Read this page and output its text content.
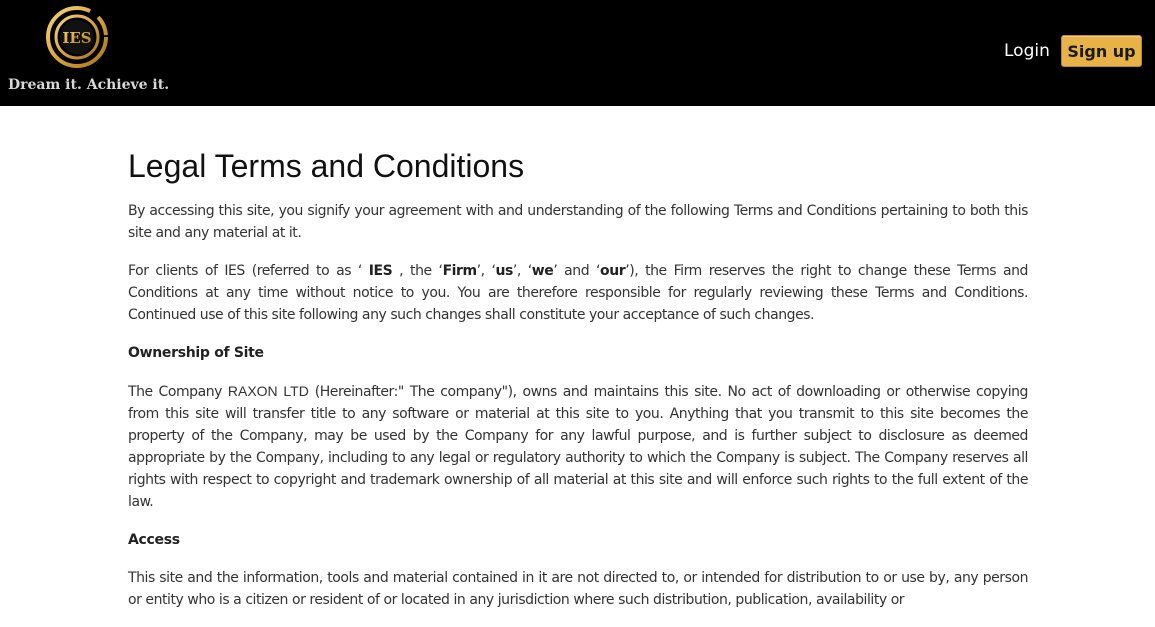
IES
Dream it. Achieve it.
Login	Sign up
Legal Terms and Conditions

By accessing this site, you signify your agreement with and understanding of the following Terms and Conditions pertaining to both this site and any material at it.

For clients of IES (referred to as ‘ IES , the ‘Firm’, ‘us’, ‘we’ and ‘our’), the Firm reserves the right to change these Terms and Conditions at any time without notice to you. You are therefore responsible for regularly reviewing these Terms and Conditions. Continued use of this site following any such changes shall constitute your acceptance of such changes.

Ownership of Site

The Company RAXON LTD (Hereinafter:" The company"), owns and maintains this site. No act of downloading or otherwise copying from this site will transfer title to any software or material at this site to you. Anything that you transmit to this site becomes the property of the Company, may be used by the Company for any lawful purpose, and is further subject to disclosure as deemed appropriate by the Company, including to any legal or regulatory authority to which the Company is subject. The Company reserves all rights with respect to copyright and trademark ownership of all material at this site and will enforce such rights to the full extent of the law.

Access

This site and the information, tools and material contained in it are not directed to, or intended for distribution to or use by, any person or entity who is a citizen or resident of or located in any jurisdiction where such distribution, publication, availability or
